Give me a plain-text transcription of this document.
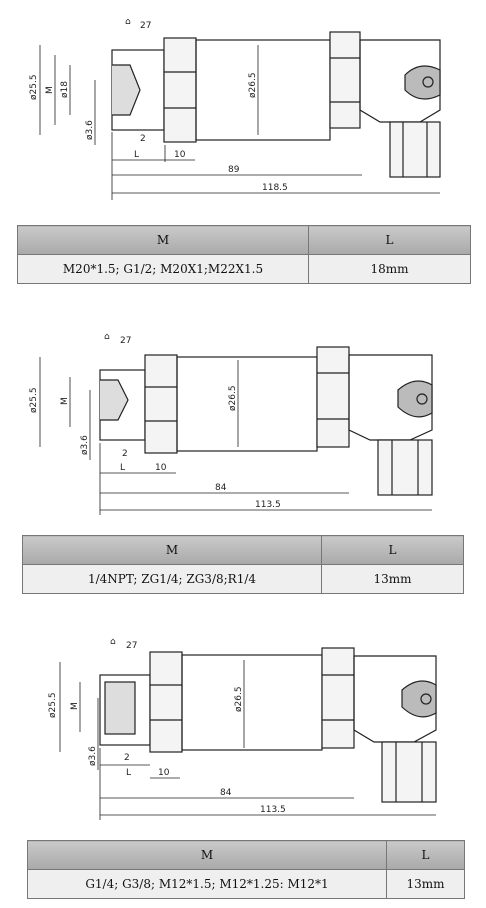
⌂ 27
ø25.5 M ø18
ø3.6	2
L	10
89
118.5
ø26.5
M	L
M20*1.5; G1/2; M20X1;M22X1.5	18mm
⌂ 27
ø25.5 M
ø3.6	2
L	10
84
113.5
ø26.5
M	L
1/4NPT; ZG1/4; ZG3/8;R1/4	13mm
⌂ 27
ø25.5 M
ø3.6	2
L	10
84
113.5
ø26.5
M	L
G1/4; G3/8; M12*1.5; M12*1.25: M12*1	13mm
